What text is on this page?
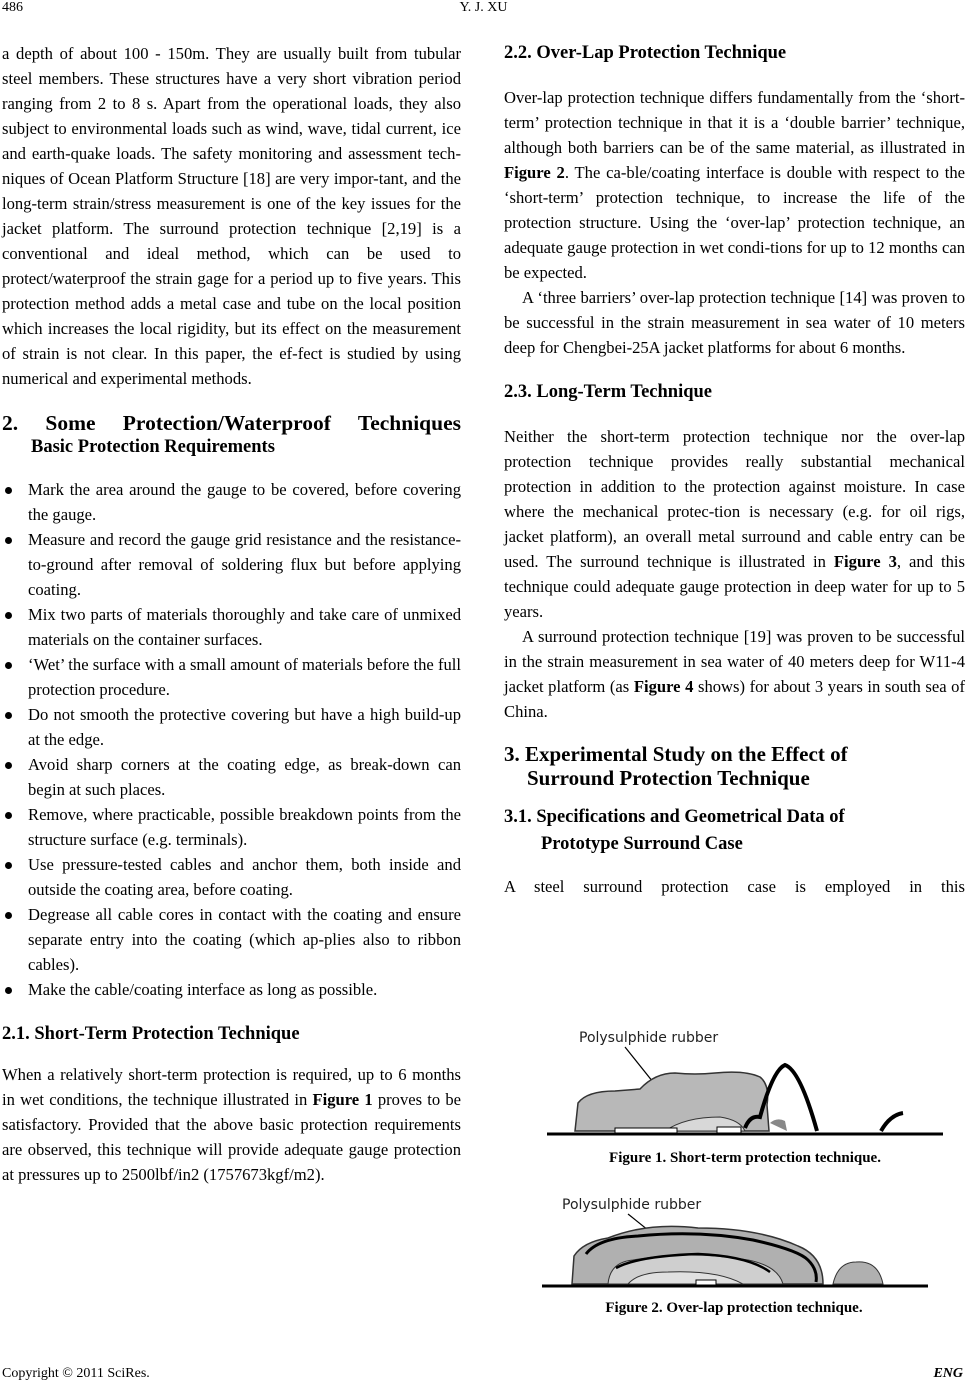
486	Y. J. XU

a depth of about 100 - 150m. They are usually built from tubular steel members. These structures have a very short vibration period ranging from 2 to 8 s. Apart from the operational loads, they also subject to environmental loads such as wind, wave, tidal current, ice and earth-quake loads. The safety monitoring and assessment tech-niques of Ocean Platform Structure [18] are very impor-tant, and the long-term strain/stress measurement is one of the key issues for the jacket platform. The surround protection technique [2,19] is a conventional and ideal method, which can be used to protect/waterproof the strain gage for a period up to five years. This protection method adds a metal case and tube on the local position which increases the local rigidity, but its effect on the measurement of strain is not clear. In this paper, the ef-fect is studied by using numerical and experimental methods.

2. Some Protection/Waterproof Techniques
Basic Protection Requirements
Mark the area around the gauge to be covered, before covering the gauge.
Measure and record the gauge grid resistance and the resistance-to-ground after removal of soldering flux but before applying coating.
Mix two parts of materials thoroughly and take care of unmixed materials on the container surfaces.
‘Wet’ the surface with a small amount of materials before the full protection procedure.
Do not smooth the protective covering but have a high build-up at the edge.
Avoid sharp corners at the coating edge, as break-down can begin at such places.
Remove, where practicable, possible breakdown points from the structure surface (e.g. terminals).
Use pressure-tested cables and anchor them, both inside and outside the coating area, before coating.
Degrease all cable cores in contact with the coating and ensure separate entry into the coating (which ap-plies also to ribbon cables).
Make the cable/coating interface as long as possible.
2.1. Short-Term Protection Technique

When a relatively short-term protection is required, up to 6 months in wet conditions, the technique illustrated in Figure 1 proves to be satisfactory. Provided that the above basic protection requirements are observed, this technique will provide adequate gauge protection at pressures up to 2500lbf/in2 (1757673kgf/m2).

2.2. Over-Lap Protection Technique

Over-lap protection technique differs fundamentally from the ‘short-term’ protection technique in that it is a ‘double barrier’ technique, although both barriers can be of the same material, as illustrated in Figure 2. The ca-ble/coating interface is double with respect to the ‘short-term’ protection technique, to increase the life of the protection structure. Using the ‘over-lap’ protection technique, an adequate gauge protection in wet condi-tions for up to 12 months can be expected.

A ‘three barriers’ over-lap protection technique [14] was proven to be successful in the strain measurement in sea water of 10 meters deep for Chengbei-25A jacket platforms for about 6 months.

2.3. Long-Term Technique

Neither the short-term protection technique nor the over-lap protection technique provides really substantial mechanical protection in addition to the protection against moisture. In case where the mechanical protec-tion is necessary (e.g. for oil rigs, jacket platform), an overall metal surround and cable entry can be used. The surround technique is illustrated in Figure 3, and this technique could adequate gauge protection in deep water for up to 5 years.

A surround protection technique [19] was proven to be successful in the strain measurement in sea water of 40 meters deep for W11-4 jacket platform (as Figure 4 shows) for about 3 years in south sea of China.

3. Experimental Study on the Effect of
Surround Protection Technique
3.1. Specifications and Geometrical Data of
Prototype Surround Case

A steel surround protection case is employed in this

Polysulphide rubber
Figure 1. Short-term protection technique.
Polysulphide rubber
Figure 2. Over-lap protection technique.
Copyright © 2011 SciRes.	ENG
